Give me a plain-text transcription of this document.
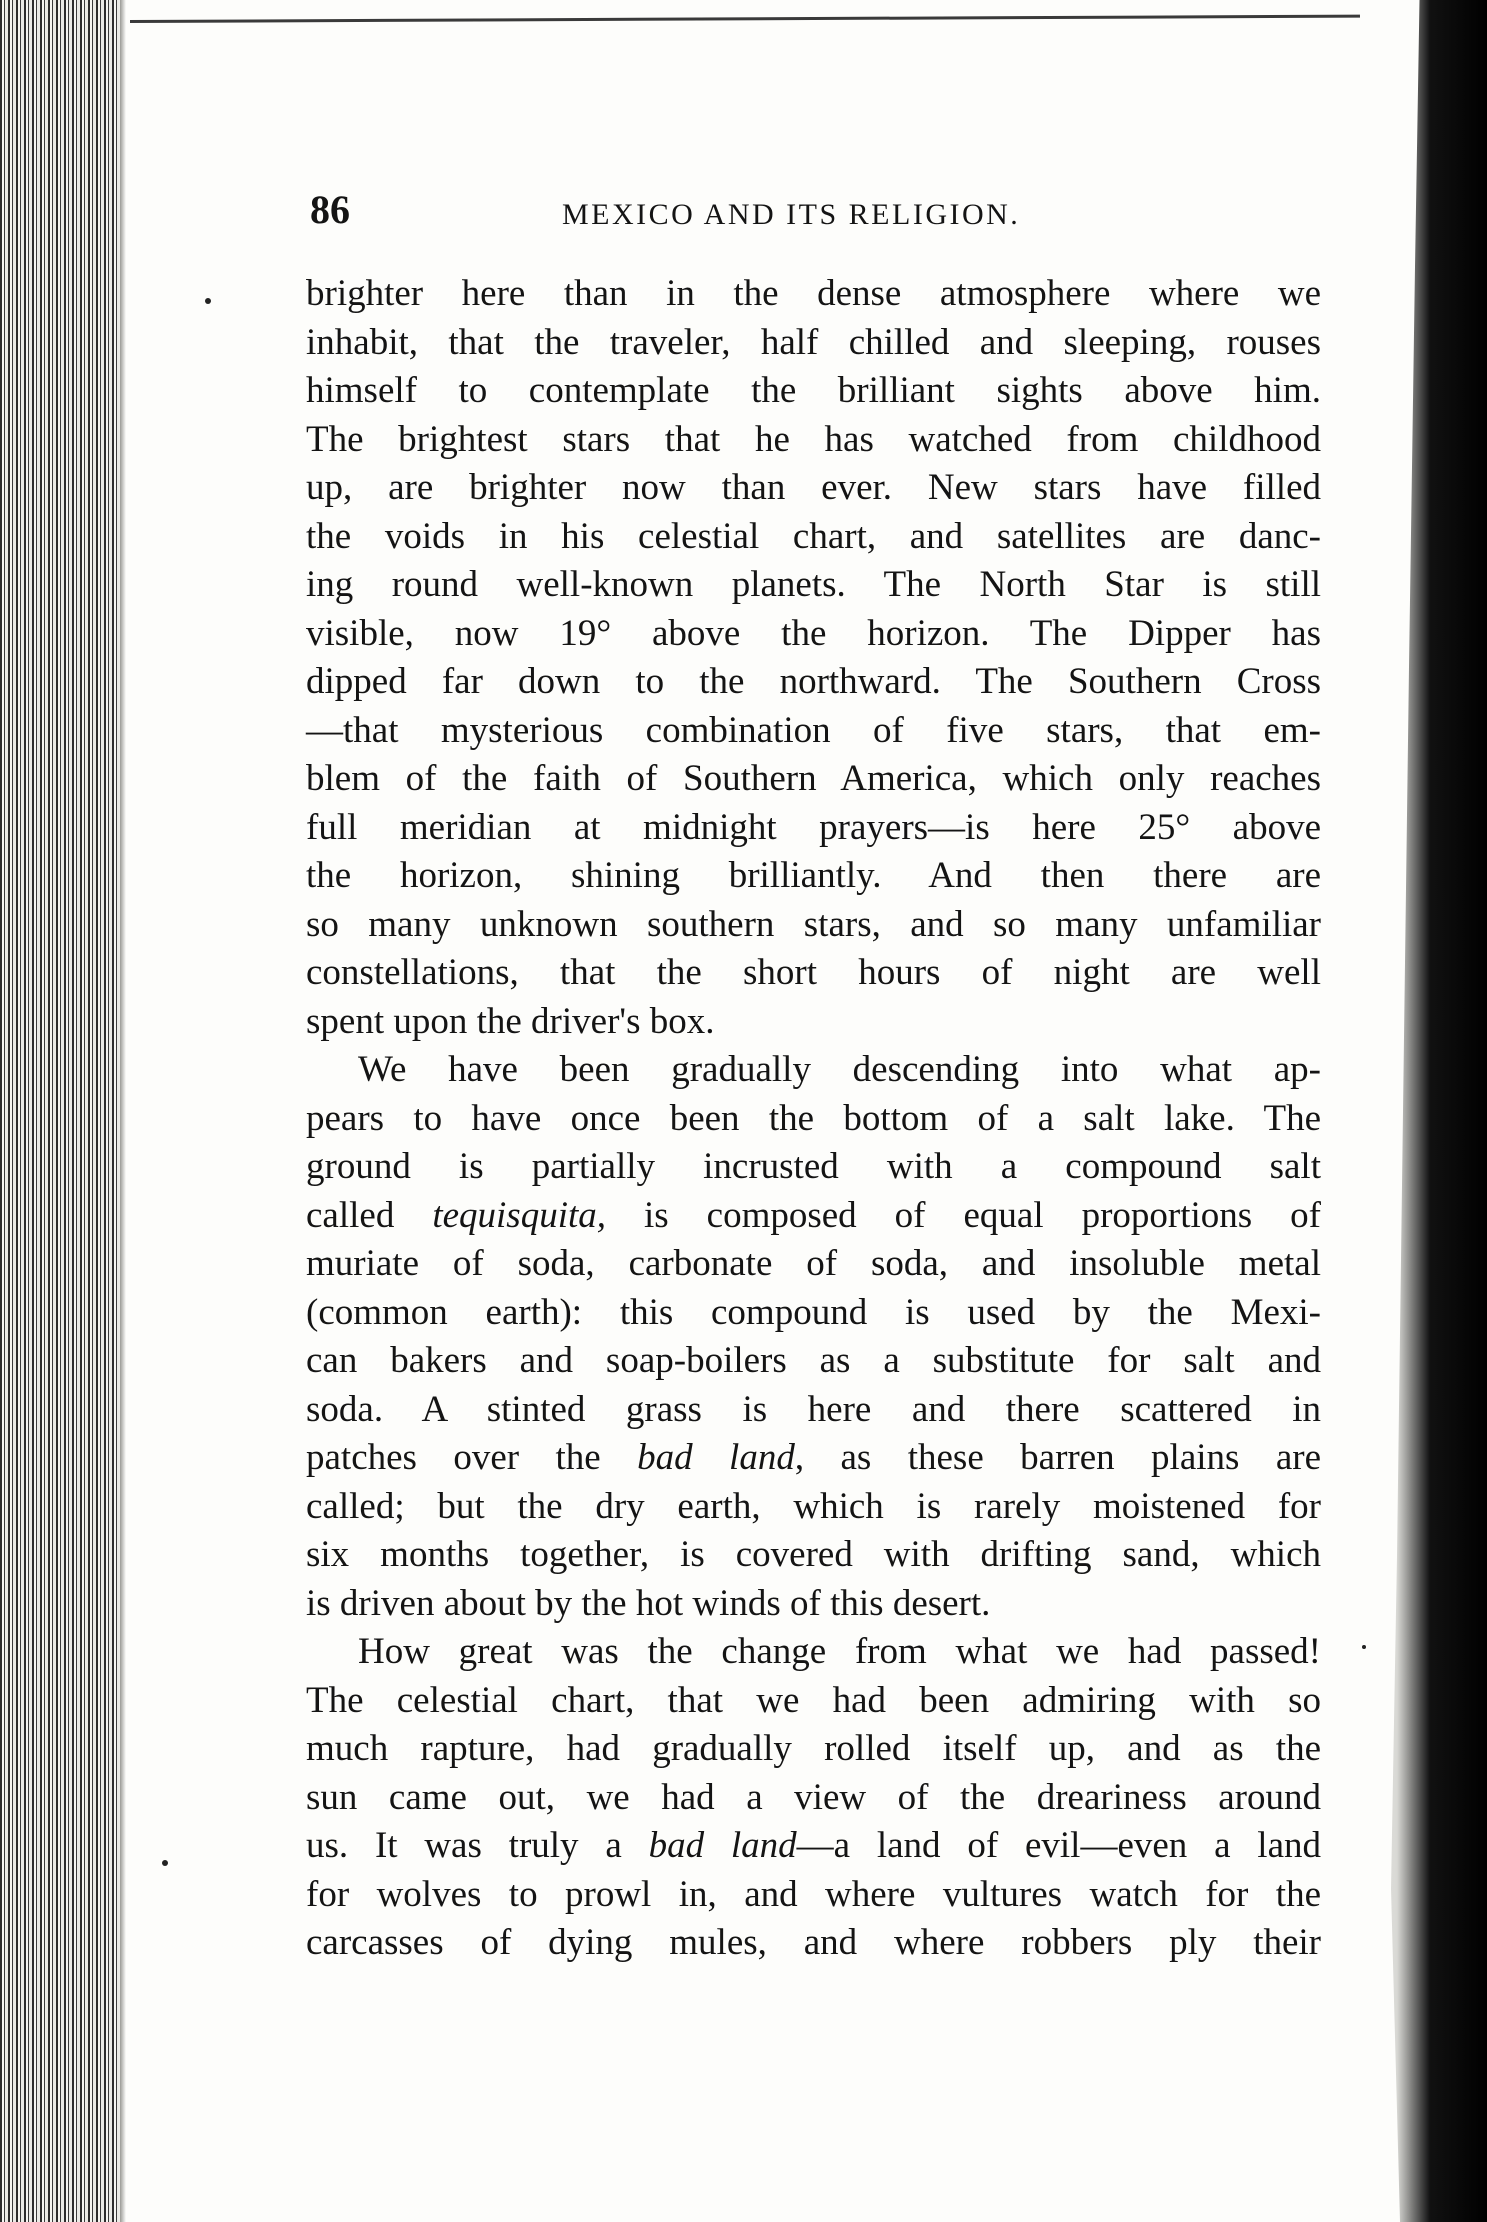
86	MEXICO AND ITS RELIGION.
brighter here than in the dense atmosphere where we
inhabit, that the traveler, half chilled and sleeping, rouses
himself to contemplate the brilliant sights above him.
The brightest stars that he has watched from childhood
up, are brighter now than ever. New stars have filled
the voids in his celestial chart, and satellites are danc-
ing round well-known planets. The North Star is still
visible, now 19° above the horizon. The Dipper has
dipped far down to the northward. The Southern Cross
—that mysterious combination of five stars, that em-
blem of the faith of Southern America, which only reaches
full meridian at midnight prayers—is here 25° above
the horizon, shining brilliantly. And then there are
so many unknown southern stars, and so many unfamiliar
constellations, that the short hours of night are well
spent upon the driver's box.
We have been gradually descending into what ap-
pears to have once been the bottom of a salt lake. The
ground is partially incrusted with a compound salt
called tequisquita, is composed of equal proportions of
muriate of soda, carbonate of soda, and insoluble metal
(common earth): this compound is used by the Mexi-
can bakers and soap-boilers as a substitute for salt and
soda. A stinted grass is here and there scattered in
patches over the bad land, as these barren plains are
called; but the dry earth, which is rarely moistened for
six months together, is covered with drifting sand, which
is driven about by the hot winds of this desert.
How great was the change from what we had passed!
The celestial chart, that we had been admiring with so
much rapture, had gradually rolled itself up, and as the
sun came out, we had a view of the dreariness around
us. It was truly a bad land—a land of evil—even a land
for wolves to prowl in, and where vultures watch for the
carcasses of dying mules, and where robbers ply their
